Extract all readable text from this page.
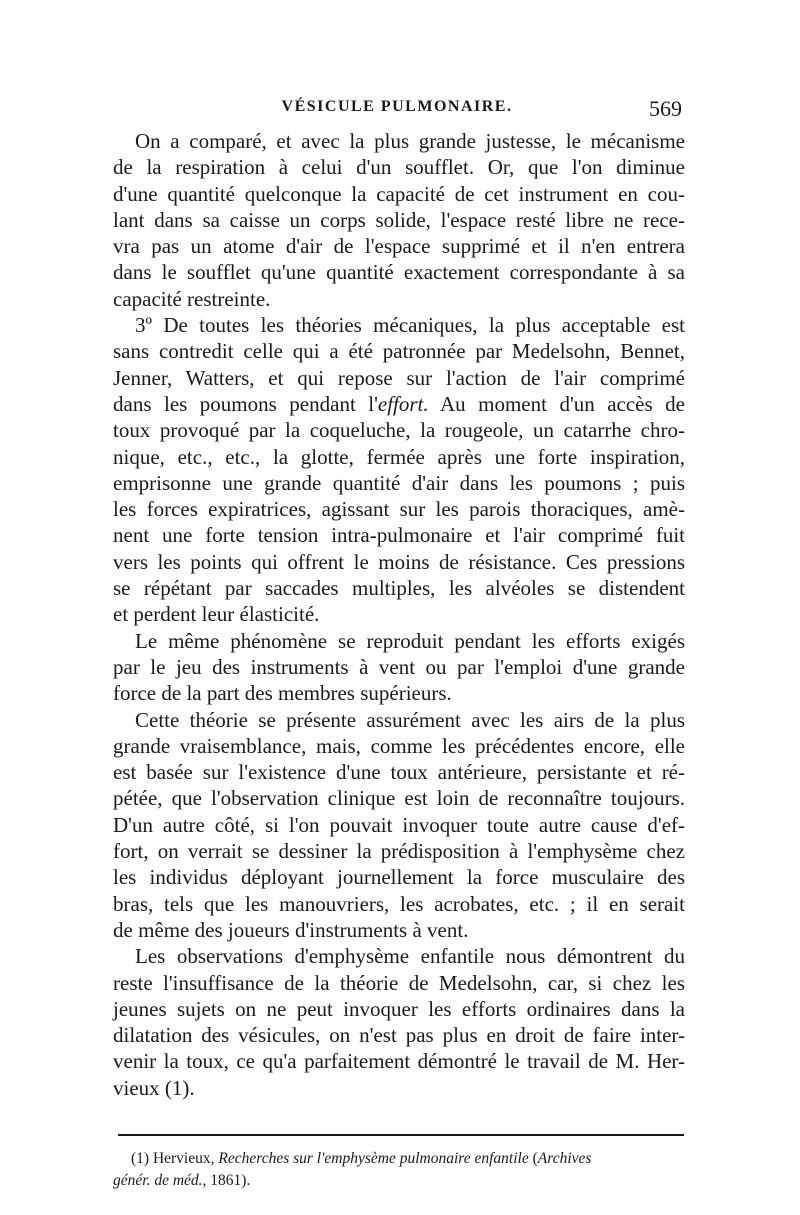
VÉSICULE PULMONAIRE.	569
On a comparé, et avec la plus grande justesse, le mécanisme
de la respiration à celui d'un soufflet. Or, que l'on diminue
d'une quantité quelconque la capacité de cet instrument en cou-
lant dans sa caisse un corps solide, l'espace resté libre ne rece-
vra pas un atome d'air de l'espace supprimé et il n'en entrera
dans le soufflet qu'une quantité exactement correspondante à sa
capacité restreinte.
3º De toutes les théories mécaniques, la plus acceptable est
sans contredit celle qui a été patronnée par Medelsohn, Bennet,
Jenner, Watters, et qui repose sur l'action de l'air comprimé
dans les poumons pendant l'effort. Au moment d'un accès de
toux provoqué par la coqueluche, la rougeole, un catarrhe chro-
nique, etc., etc., la glotte, fermée après une forte inspiration,
emprisonne une grande quantité d'air dans les poumons ; puis
les forces expiratrices, agissant sur les parois thoraciques, amè-
nent une forte tension intra-pulmonaire et l'air comprimé fuit
vers les points qui offrent le moins de résistance. Ces pressions
se répétant par saccades multiples, les alvéoles se distendent
et perdent leur élasticité.
Le même phénomène se reproduit pendant les efforts exigés
par le jeu des instruments à vent ou par l'emploi d'une grande
force de la part des membres supérieurs.
Cette théorie se présente assurément avec les airs de la plus
grande vraisemblance, mais, comme les précédentes encore, elle
est basée sur l'existence d'une toux antérieure, persistante et ré-
pétée, que l'observation clinique est loin de reconnaître toujours.
D'un autre côté, si l'on pouvait invoquer toute autre cause d'ef-
fort, on verrait se dessiner la prédisposition à l'emphysème chez
les individus déployant journellement la force musculaire des
bras, tels que les manouvriers, les acrobates, etc. ; il en serait
de même des joueurs d'instruments à vent.
Les observations d'emphysème enfantile nous démontrent du
reste l'insuffisance de la théorie de Medelsohn, car, si chez les
jeunes sujets on ne peut invoquer les efforts ordinaires dans la
dilatation des vésicules, on n'est pas plus en droit de faire inter-
venir la toux, ce qu'a parfaitement démontré le travail de M. Her-
vieux (1).
(1) Hervieux, Recherches sur l'emphysème pulmonaire enfantile (Archives
génér. de méd., 1861).
